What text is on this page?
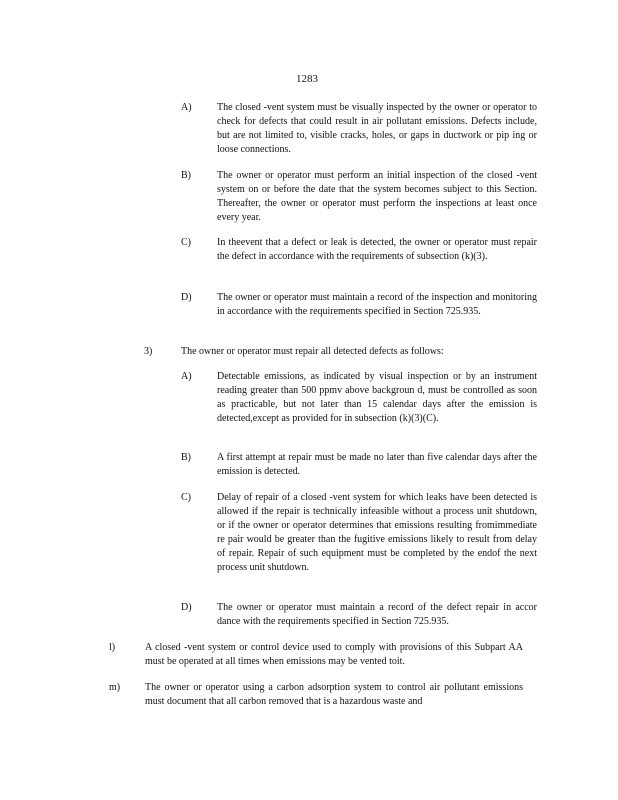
1283
A)	The closed -vent system must be visually inspected by the owner or operator to check for defects that could result in air pollutant emissions. Defects include, but are not limited to, visible cracks, holes, or gaps in ductwork or pip ing or loose connections.
B)	The owner or operator must perform an initial inspection of the closed -vent system on or before the date that the system becomes subject to this Section. Thereafter, the owner or operator must perform the inspections at least once every year.
C)	In theevent that a defect or leak is detected, the owner or operator must repair the defect in accordance with the requirements of subsection (k)(3).
D)	The owner or operator must maintain a record of the inspection and monitoring in accordance with the requirements specified in Section 725.935.
3)	The owner or operator must repair all detected defects as follows:
A)	Detectable emissions, as indicated by visual inspection or by an instrument reading greater than 500 ppmv above backgroun d, must be controlled as soon as practicable, but not later than 15 calendar days after the emission is detected,except as provided for in subsection (k)(3)(C).
B)	A first attempt at repair must be made no later than five calendar days after the emission is detected.
C)	Delay of repair of a closed -vent system for which leaks have been detected is allowed if the repair is technically infeasible without a process unit shutdown, or if the owner or operator determines that emissions resulting fromimmediate re pair would be greater than the fugitive emissions likely to result from delay of repair. Repair of such equipment must be completed by the endof the next process unit shutdown.
D)	The owner or operator must maintain a record of the defect repair in accor dance with the requirements specified in Section 725.935.
l)	A closed -vent system or control device used to comply with provisions of this Subpart AA must be operated at all times when emissions may be vented toit.
m) The owner or operator using a carbon adsorption system to control air pollutant emissions must document that all carbon removed that is a hazardous waste and
